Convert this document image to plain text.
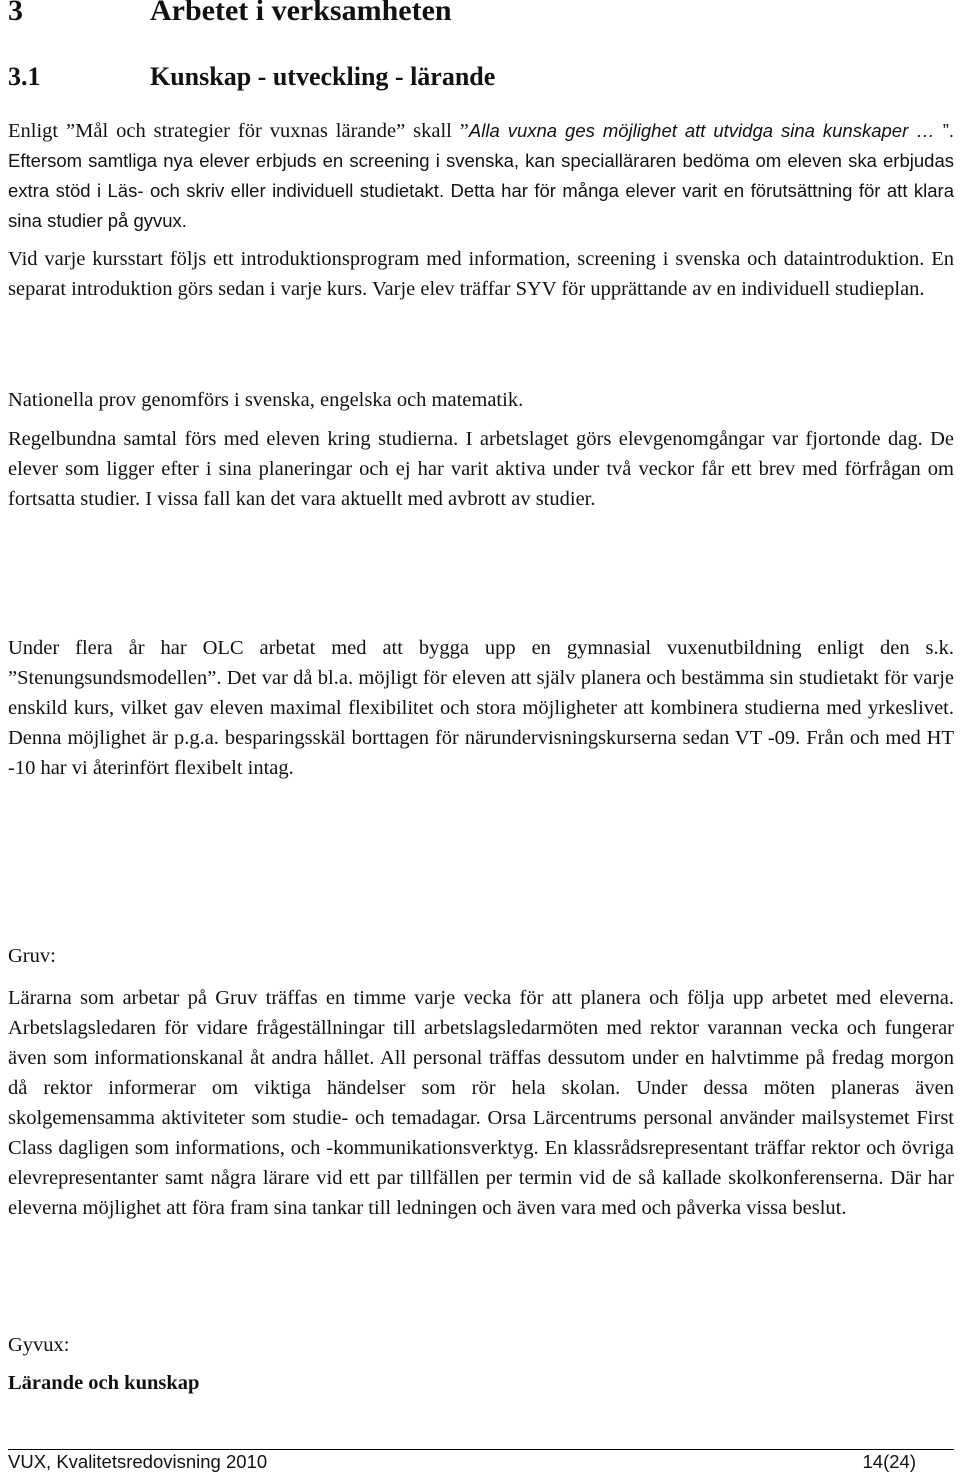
3	Arbetet i verksamheten
3.1	Kunskap - utveckling - lärande

Enligt ”Mål och strategier för vuxnas lärande” skall ”Alla vuxna ges möjlighet att utvidga sina kunskaper … ”. Eftersom samtliga nya elever erbjuds en screening i svenska, kan specialläraren bedöma om eleven ska erbjudas extra stöd i Läs- och skriv eller individuell studietakt. Detta har för många elever varit en förutsättning för att klara sina studier på gyvux.

Vid varje kursstart följs ett introduktionsprogram med information, screening i svenska och dataintroduktion. En separat introduktion görs sedan i varje kurs. Varje elev träffar SYV för upprättande av en individuell studieplan.

Nationella prov genomförs i svenska, engelska och matematik.

Regelbundna samtal förs med eleven kring studierna. I arbetslaget görs elevgenomgångar var fjortonde dag. De elever som ligger efter i sina planeringar och ej har varit aktiva under två veckor får ett brev med förfrågan om fortsatta studier. I vissa fall kan det vara aktuellt med avbrott av studier.

Under flera år har OLC arbetat med att bygga upp en gymnasial vuxenutbildning enligt den s.k. ”Stenungsundsmodellen”. Det var då bl.a. möjligt för eleven att själv planera och bestämma sin studietakt för varje enskild kurs, vilket gav eleven maximal flexibilitet och stora möjligheter att kombinera studierna med yrkeslivet. Denna möjlighet är p.g.a. besparingsskäl borttagen för närundervisningskurserna sedan VT -09. Från och med HT -10 har vi återinfört flexibelt intag.

Gruv:

Lärarna som arbetar på Gruv träffas en timme varje vecka för att planera och följa upp arbetet med eleverna. Arbetslagsledaren för vidare frågeställningar till arbetslagsledarmöten med rektor varannan vecka och fungerar även som informationskanal åt andra hållet. All personal träffas dessutom under en halvtimme på fredag morgon då rektor informerar om viktiga händelser som rör hela skolan. Under dessa möten planeras även skolgemensamma aktiviteter som studie- och temadagar. Orsa Lärcentrums personal använder mailsystemet First Class dagligen som informations, och -kommunikationsverktyg. En klassrådsrepresentant träffar rektor och övriga elevrepresentanter samt några lärare vid ett par tillfällen per termin vid de så kallade skolkonferenserna. Där har eleverna möjlighet att föra fram sina tankar till ledningen och även vara med och påverka vissa beslut.

Gyvux:

Lärande och kunskap

VUX, Kvalitetsredovisning 2010	14(24)
